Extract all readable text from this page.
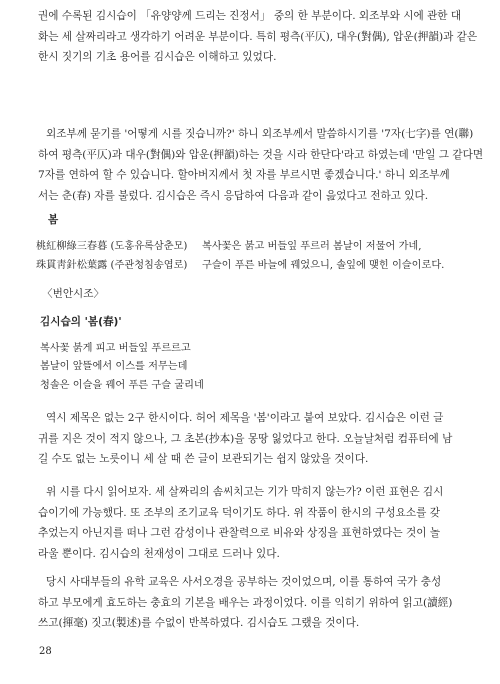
권에 수록된 김시습이 「유양양께 드리는 진정서」 중의 한 부분이다. 외조부와 시에 관한 대

화는 세 살짜리라고 생각하기 어려운 부분이다. 특히 평측(平仄), 대우(對偶), 압운(押韻)과 같은

한시 짓기의 기초 용어를 김시습은 이해하고 있었다.

외조부께 묻기를 '어떻게 시를 짓습니까?' 하니 외조부께서 말씀하시기를 '7자(七字)를 연(聯)

하여 평측(平仄)과 대우(對偶)와 압운(押韻)하는 것을 시라 한단다'라고 하였는데 '만일 그 같다면

7자를 연하여 할 수 있습니다. 할아버지께서 첫 자를 부르시면 좋겠습니다.' 하니 외조부께

서는 춘(春) 자를 불렀다. 김시습은 즉시 응답하여 다음과 같이 읊었다고 전하고 있다.

봄
桃紅柳綠三春暮 (도홍유록삼춘모)	복사꽃은 붉고 버들잎 푸르러 봄날이 저물어 가네,
珠貫靑針松葉露 (주관청침송엽로)	구슬이 푸른 바늘에 꿰었으니, 솔잎에 맺힌 이슬이로다.
〈번안시조〉
김시습의 '봄(春)'

복사꽃 붉게 피고 버들잎 푸르르고

봄날이 앞뜰에서 이스를 저무는데

청솔은 이슬을 꿰어 푸른 구슬 굴리네

역시 제목은 없는 2구 한시이다. 허어 제목을 '봄'이라고 붙여 보았다. 김시습은 이런 글

귀를 지은 것이 적지 않으나, 그 초본(抄本)을 몽땅 잃었다고 한다. 오늘날처럼 컴퓨터에 남

길 수도 없는 노릇이니 세 살 때 쓴 글이 보관되기는 쉽지 않았을 것이다.

위 시를 다시 읽어보자. 세 살짜리의 솜씨치고는 기가 막히지 않는가? 이런 표현은 김시

습이기에 가능했다. 또 조부의 조기교육 덕이기도 하다. 위 작품이 한시의 구성요소를 갖

추었는지 아닌지를 떠나 그런 감성이나 관찰력으로 비유와 상징을 표현하였다는 것이 놀

라울 뿐이다. 김시습의 천재성이 그대로 드러나 있다.

당시 사대부들의 유학 교육은 사서오경을 공부하는 것이었으며, 이를 통하여 국가 충성

하고 부모에게 효도하는 충효의 기본을 배우는 과정이었다. 이를 익히기 위하여 읽고(讀經)

쓰고(揮毫) 짓고(製述)를 수없이 반복하였다. 김시습도 그랬을 것이다.

28
